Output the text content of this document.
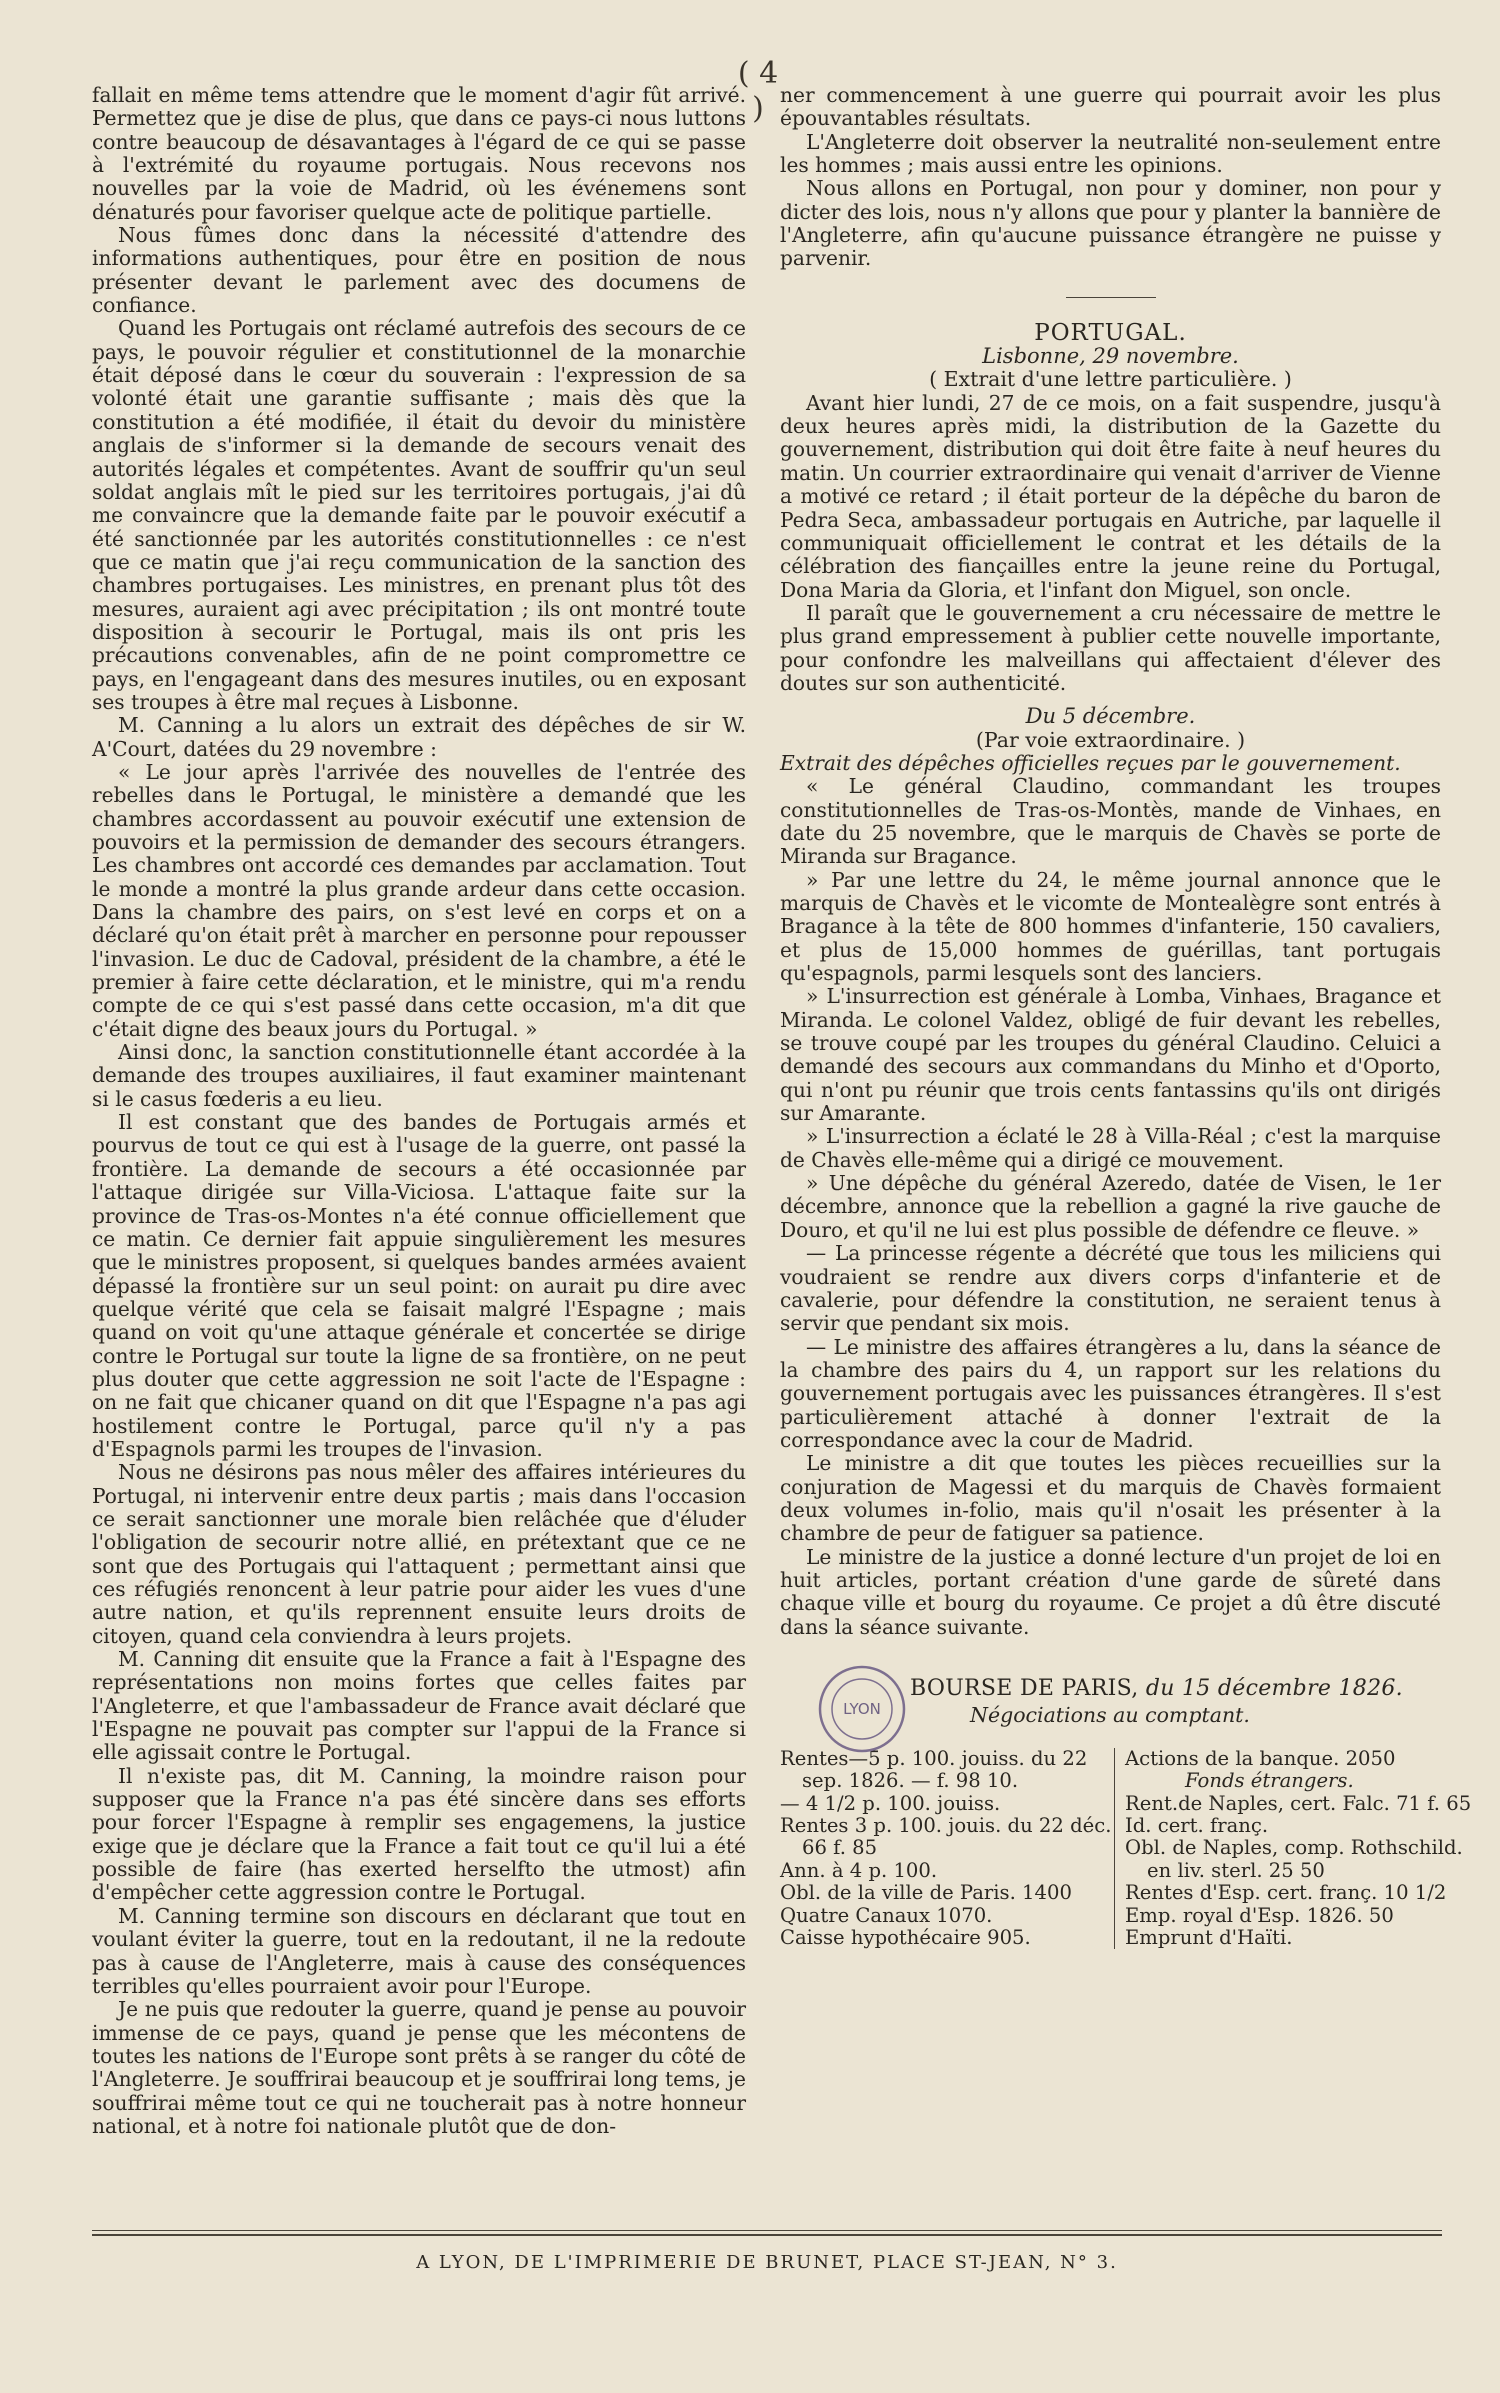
( 4 )

fallait en même tems attendre que le moment d'agir fût arrivé. Permettez que je dise de plus, que dans ce pays-ci nous luttons contre beaucoup de désavantages à l'égard de ce qui se passe à l'extrémité du royaume portugais. Nous recevons nos nouvelles par la voie de Madrid, où les événemens sont dénaturés pour favoriser quelque acte de politique partielle.

Nous fûmes donc dans la nécessité d'attendre des informations authentiques, pour être en position de nous présenter devant le parlement avec des documens de confiance.

Quand les Portugais ont réclamé autrefois des secours de ce pays, le pouvoir régulier et constitutionnel de la monarchie était déposé dans le cœur du souverain : l'expression de sa volonté était une garantie suffisante ; mais dès que la constitution a été modifiée, il était du devoir du ministère anglais de s'informer si la demande de secours venait des autorités légales et compétentes. Avant de souffrir qu'un seul soldat anglais mît le pied sur les territoires portugais, j'ai dû me convaincre que la demande faite par le pouvoir exécutif a été sanctionnée par les autorités constitutionnelles : ce n'est que ce matin que j'ai reçu communication de la sanction des chambres portugaises. Les ministres, en prenant plus tôt des mesures, auraient agi avec précipitation ; ils ont montré toute disposition à secourir le Portugal, mais ils ont pris les précautions convenables, afin de ne point compromettre ce pays, en l'engageant dans des mesures inutiles, ou en exposant ses troupes à être mal reçues à Lisbonne.

M. Canning a lu alors un extrait des dépêches de sir W. A'Court, datées du 29 novembre :

« Le jour après l'arrivée des nouvelles de l'entrée des rebelles dans le Portugal, le ministère a demandé que les chambres accordassent au pouvoir exécutif une extension de pouvoirs et la permission de demander des secours étrangers. Les chambres ont accordé ces demandes par acclamation. Tout le monde a montré la plus grande ardeur dans cette occasion. Dans la chambre des pairs, on s'est levé en corps et on a déclaré qu'on était prêt à marcher en personne pour repousser l'invasion. Le duc de Cadoval, président de la chambre, a été le premier à faire cette déclaration, et le ministre, qui m'a rendu compte de ce qui s'est passé dans cette occasion, m'a dit que c'était digne des beaux jours du Portugal. »

Ainsi donc, la sanction constitutionnelle étant accordée à la demande des troupes auxiliaires, il faut examiner maintenant si le casus fœderis a eu lieu.

Il est constant que des bandes de Portugais armés et pourvus de tout ce qui est à l'usage de la guerre, ont passé la frontière. La demande de secours a été occasionnée par l'attaque dirigée sur Villa-Viciosa. L'attaque faite sur la province de Tras-os-Montes n'a été connue officiellement que ce matin. Ce dernier fait appuie singulièrement les mesures que le ministres proposent, si quelques bandes armées avaient dépassé la frontière sur un seul point: on aurait pu dire avec quelque vérité que cela se faisait malgré l'Espagne ; mais quand on voit qu'une attaque générale et concertée se dirige contre le Portugal sur toute la ligne de sa frontière, on ne peut plus douter que cette aggression ne soit l'acte de l'Espagne : on ne fait que chicaner quand on dit que l'Espagne n'a pas agi hostilement contre le Portugal, parce qu'il n'y a pas d'Espagnols parmi les troupes de l'invasion.

Nous ne désirons pas nous mêler des affaires intérieures du Portugal, ni intervenir entre deux partis ; mais dans l'occasion ce serait sanctionner une morale bien relâchée que d'éluder l'obligation de secourir notre allié, en prétextant que ce ne sont que des Portugais qui l'attaquent ; permettant ainsi que ces réfugiés renoncent à leur patrie pour aider les vues d'une autre nation, et qu'ils reprennent ensuite leurs droits de citoyen, quand cela conviendra à leurs projets.

M. Canning dit ensuite que la France a fait à l'Espagne des représentations non moins fortes que celles faites par l'Angleterre, et que l'ambassadeur de France avait déclaré que l'Espagne ne pouvait pas compter sur l'appui de la France si elle agissait contre le Portugal.

Il n'existe pas, dit M. Canning, la moindre raison pour supposer que la France n'a pas été sincère dans ses efforts pour forcer l'Espagne à remplir ses engagemens, la justice exige que je déclare que la France a fait tout ce qu'il lui a été possible de faire (has exerted herselfto the utmost) afin d'empêcher cette aggression contre le Portugal.

M. Canning termine son discours en déclarant que tout en voulant éviter la guerre, tout en la redoutant, il ne la redoute pas à cause de l'Angleterre, mais à cause des conséquences terribles qu'elles pourraient avoir pour l'Europe.

Je ne puis que redouter la guerre, quand je pense au pouvoir immense de ce pays, quand je pense que les mécontens de toutes les nations de l'Europe sont prêts à se ranger du côté de l'Angleterre. Je souffrirai beaucoup et je souffrirai long tems, je souffrirai même tout ce qui ne toucherait pas à notre honneur national, et à notre foi nationale plutôt que de don-

ner commencement à une guerre qui pourrait avoir les plus épouvantables résultats.

L'Angleterre doit observer la neutralité non-seulement entre les hommes ; mais aussi entre les opinions.

Nous allons en Portugal, non pour y dominer, non pour y dicter des lois, nous n'y allons que pour y planter la bannière de l'Angleterre, afin qu'aucune puissance étrangère ne puisse y parvenir.

PORTUGAL.

Lisbonne, 29 novembre.

( Extrait d'une lettre particulière. )

Avant hier lundi, 27 de ce mois, on a fait suspendre, jusqu'à deux heures après midi, la distribution de la Gazette du gouvernement, distribution qui doit être faite à neuf heures du matin. Un courrier extraordinaire qui venait d'arriver de Vienne a motivé ce retard ; il était porteur de la dépêche du baron de Pedra Seca, ambassadeur portugais en Autriche, par laquelle il communiquait officiellement le contrat et les détails de la célébration des fiançailles entre la jeune reine du Portugal, Dona Maria da Gloria, et l'infant don Miguel, son oncle.

Il paraît que le gouvernement a cru nécessaire de mettre le plus grand empressement à publier cette nouvelle importante, pour confondre les malveillans qui affectaient d'élever des doutes sur son authenticité.

Du 5 décembre.

(Par voie extraordinaire. )

Extrait des dépêches officielles reçues par le gouvernement.

« Le général Claudino, commandant les troupes constitutionnelles de Tras-os-Montès, mande de Vinhaes, en date du 25 novembre, que le marquis de Chavès se porte de Miranda sur Bragance.

» Par une lettre du 24, le même journal annonce que le marquis de Chavès et le vicomte de Montealègre sont entrés à Bragance à la tête de 800 hommes d'infanterie, 150 cavaliers, et plus de 15,000 hommes de guérillas, tant portugais qu'espagnols, parmi lesquels sont des lanciers.

» L'insurrection est générale à Lomba, Vinhaes, Bragance et Miranda. Le colonel Valdez, obligé de fuir devant les rebelles, se trouve coupé par les troupes du général Claudino. Celuici a demandé des secours aux commandans du Minho et d'Oporto, qui n'ont pu réunir que trois cents fantassins qu'ils ont dirigés sur Amarante.

» L'insurrection a éclaté le 28 à Villa-Réal ; c'est la marquise de Chavès elle-même qui a dirigé ce mouvement.

» Une dépêche du général Azeredo, datée de Visen, le 1er décembre, annonce que la rebellion a gagné la rive gauche de Douro, et qu'il ne lui est plus possible de défendre ce fleuve. »

— La princesse régente a décrété que tous les miliciens qui voudraient se rendre aux divers corps d'infanterie et de cavalerie, pour défendre la constitution, ne seraient tenus à servir que pendant six mois.

— Le ministre des affaires étrangères a lu, dans la séance de la chambre des pairs du 4, un rapport sur les relations du gouvernement portugais avec les puissances étrangères. Il s'est particulièrement attaché à donner l'extrait de la correspondance avec la cour de Madrid.

Le ministre a dit que toutes les pièces recueillies sur la conjuration de Magessi et du marquis de Chavès formaient deux volumes in-folio, mais qu'il n'osait les présenter à la chambre de peur de fatiguer sa patience.

Le ministre de la justice a donné lecture d'un projet de loi en huit articles, portant création d'une garde de sûreté dans chaque ville et bourg du royaume. Ce projet a dû être discuté dans la séance suivante.

LYON
BOURSE DE PARIS, du 15 décembre 1826.
Négociations au comptant.
Rentes—5 p. 100. jouiss. du 22
sep. 1826. — f. 98 10.
— 4 1/2 p. 100. jouiss.
Rentes 3 p. 100. jouis. du 22 déc.
66 f. 85
Ann. à 4 p. 100.
Obl. de la ville de Paris. 1400
Quatre Canaux 1070.
Caisse hypothécaire 905.
Actions de la banque. 2050
Fonds étrangers.
Rent.de Naples, cert. Falc. 71 f. 65
Id. cert. franç.
Obl. de Naples, comp. Rothschild.
en liv. sterl. 25 50
Rentes d'Esp. cert. franç. 10 1/2
Emp. royal d'Esp. 1826. 50
Emprunt d'Haïti.
A LYON, DE L'IMPRIMERIE DE BRUNET, PLACE ST-JEAN, N° 3.
